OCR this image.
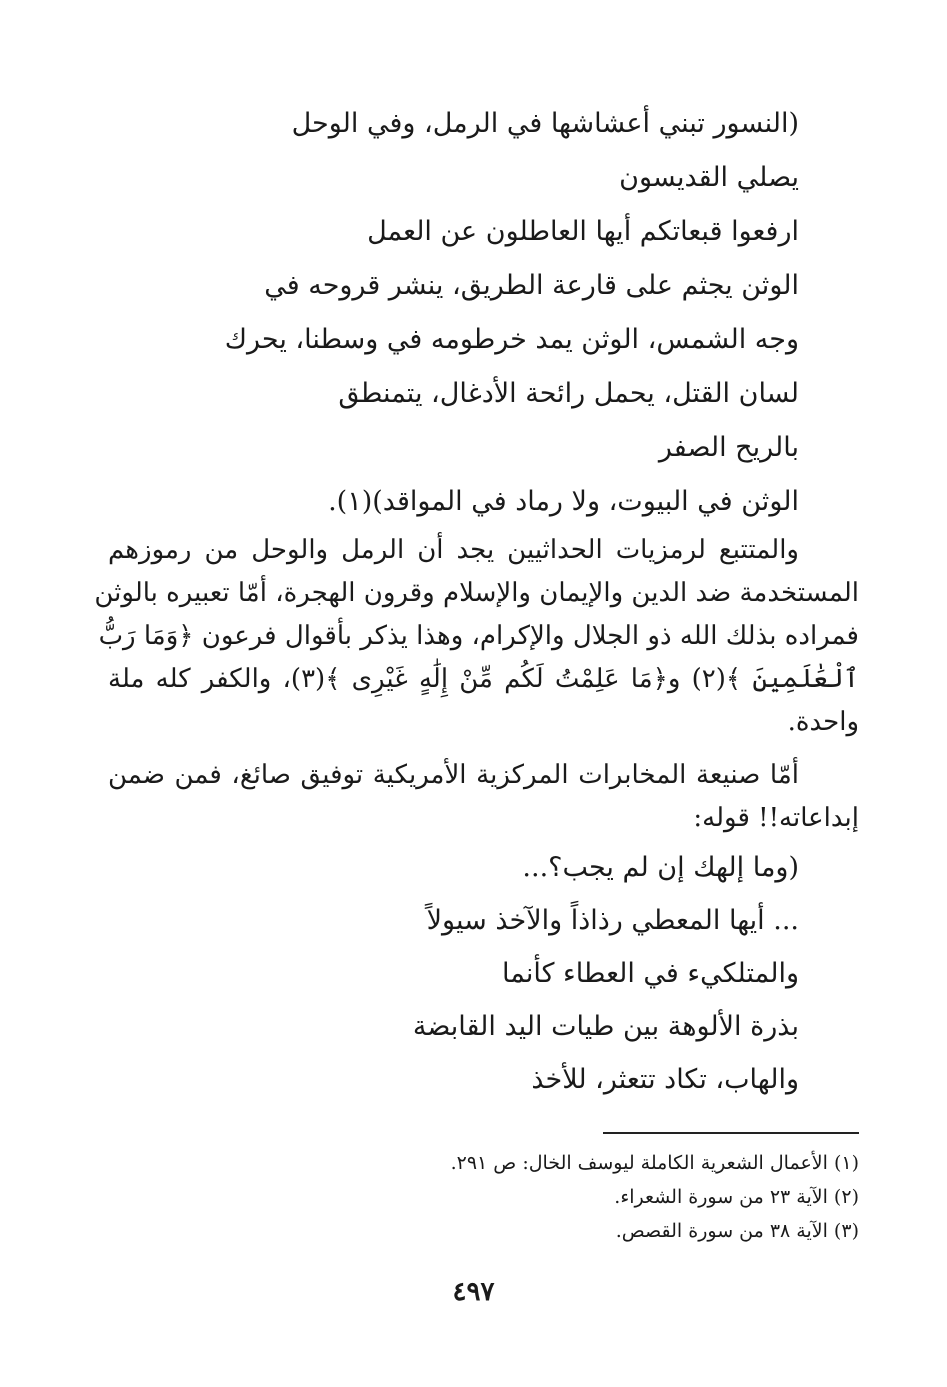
(النسور تبني أعشاشها في الرمل، وفي الوحل
يصلي القديسون
ارفعوا قبعاتكم أيها العاطلون عن العمل
الوثن يجثم على قارعة الطريق، ينشر قروحه في
وجه الشمس، الوثن يمد خرطومه في وسطنا، يحرك
لسان القتل، يحمل رائحة الأدغال، يتمنطق
بالريح الصفر
الوثن في البيوت، ولا رماد في المواقد)(١).
والمتتبع لرمزيات الحداثيين يجد أن الرمل والوحل من رموزهم
المستخدمة ضد الدين والإيمان والإسلام وقرون الهجرة، أمّا تعبيره بالوثن
فمراده بذلك الله ذو الجلال والإكرام، وهذا يذكر بأقوال فرعون ﴿وَمَا رَبُّ
ٱلْعَٰلَمِينَ ﴾(٢) و﴿مَا عَلِمْتُ لَكُم مِّنْ إِلَٰهٍ غَيْرِى ﴾(٣)، والكفر كله ملة
واحدة.
أمّا صنيعة المخابرات المركزية الأمريكية توفيق صائغ، فمن ضمن
إبداعاته!! قوله:
(وما إلهك إن لم يجب؟...
... أيها المعطي رذاذاً والآخذ سيولاً
والمتلكيء في العطاء كأنما
بذرة الألوهة بين طيات اليد القابضة
والهاب، تكاد تتعثر، للأخذ
(١) الأعمال الشعرية الكاملة ليوسف الخال: ص ٢٩١.
(٢) الآية ٢٣ من سورة الشعراء.
(٣) الآية ٣٨ من سورة القصص.
٤٩٧
